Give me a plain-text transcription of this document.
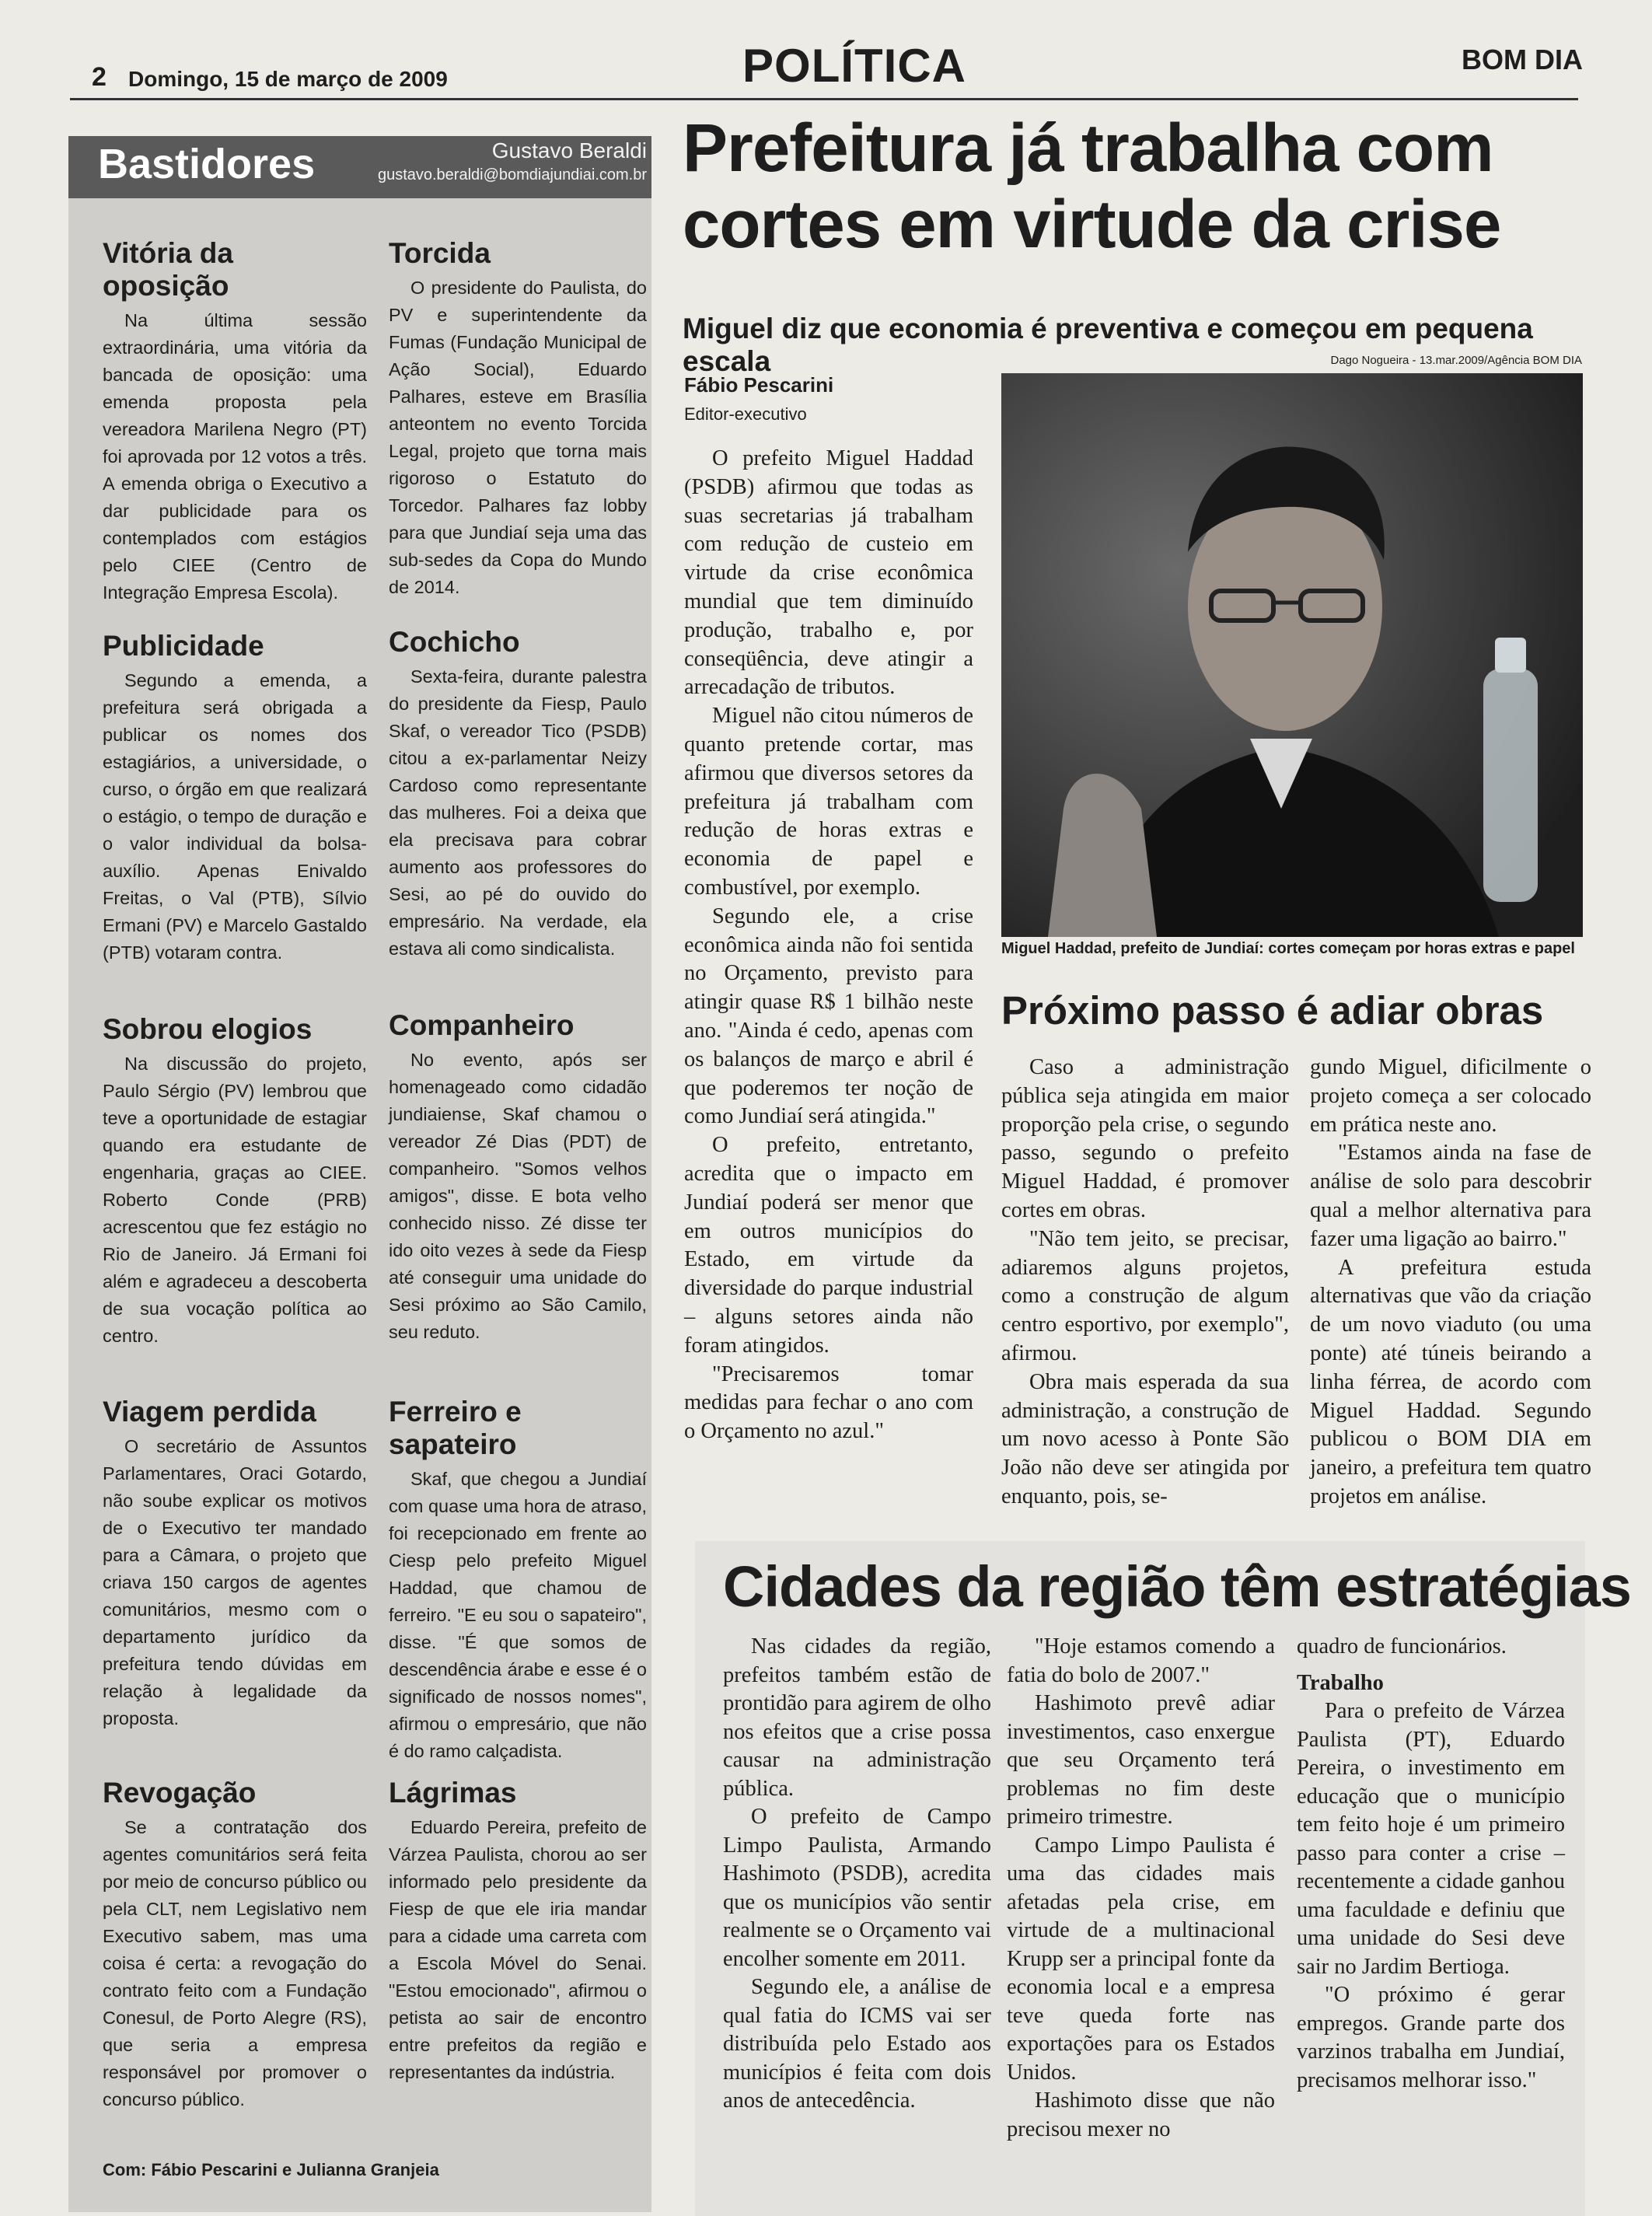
2 Domingo, 15 de março de 2009	POLÍTICA	BOM DIA
Bastidores	Gustavo Beraldi
gustavo.beraldi@bomdiajundiai.com.br
Vitória da oposição

Na última sessão extraordinária, uma vitória da bancada de oposição: uma emenda proposta pela vereadora Marilena Negro (PT) foi aprovada por 12 votos a três. A emenda obriga o Executivo a dar publicidade para os contemplados com estágios pelo CIEE (Centro de Integração Empresa Escola).

Publicidade

Segundo a emenda, a prefeitura será obrigada a publicar os nomes dos estagiários, a universidade, o curso, o órgão em que realizará o estágio, o tempo de duração e o valor individual da bolsa-auxílio. Apenas Enivaldo Freitas, o Val (PTB), Sílvio Ermani (PV) e Marcelo Gastaldo (PTB) votaram contra.

Sobrou elogios

Na discussão do projeto, Paulo Sérgio (PV) lembrou que teve a oportunidade de estagiar quando era estudante de engenharia, graças ao CIEE. Roberto Conde (PRB) acrescentou que fez estágio no Rio de Janeiro. Já Ermani foi além e agradeceu a descoberta de sua vocação política ao centro.

Viagem perdida

O secretário de Assuntos Parlamentares, Oraci Gotardo, não soube explicar os motivos de o Executivo ter mandado para a Câmara, o projeto que criava 150 cargos de agentes comunitários, mesmo com o departamento jurídico da prefeitura tendo dúvidas em relação à legalidade da proposta.

Revogação

Se a contratação dos agentes comunitários será feita por meio de concurso público ou pela CLT, nem Legislativo nem Executivo sabem, mas uma coisa é certa: a revogação do contrato feito com a Fundação Conesul, de Porto Alegre (RS), que seria a empresa responsável por promover o concurso público.

Torcida

O presidente do Paulista, do PV e superintendente da Fumas (Fundação Municipal de Ação Social), Eduardo Palhares, esteve em Brasília anteontem no evento Torcida Legal, projeto que torna mais rigoroso o Estatuto do Torcedor. Palhares faz lobby para que Jundiaí seja uma das sub-sedes da Copa do Mundo de 2014.

Cochicho

Sexta-feira, durante palestra do presidente da Fiesp, Paulo Skaf, o vereador Tico (PSDB) citou a ex-parlamentar Neizy Cardoso como representante das mulheres. Foi a deixa que ela precisava para cobrar aumento aos professores do Sesi, ao pé do ouvido do empresário. Na verdade, ela estava ali como sindicalista.

Companheiro

No evento, após ser homenageado como cidadão jundiaiense, Skaf chamou o vereador Zé Dias (PDT) de companheiro. "Somos velhos amigos", disse. E bota velho conhecido nisso. Zé disse ter ido oito vezes à sede da Fiesp até conseguir uma unidade do Sesi próximo ao São Camilo, seu reduto.

Ferreiro e sapateiro

Skaf, que chegou a Jundiaí com quase uma hora de atraso, foi recepcionado em frente ao Ciesp pelo prefeito Miguel Haddad, que chamou de ferreiro. "E eu sou o sapateiro", disse. "É que somos de descendência árabe e esse é o significado de nossos nomes", afirmou o empresário, que não é do ramo calçadista.

Lágrimas

Eduardo Pereira, prefeito de Várzea Paulista, chorou ao ser informado pelo presidente da Fiesp de que ele iria mandar para a cidade uma carreta com a Escola Móvel do Senai. "Estou emocionado", afirmou o petista ao sair de encontro entre prefeitos da região e representantes da indústria.

Com: Fábio Pescarini e Julianna Granjeia
Prefeitura já trabalha com cortes em virtude da crise
Miguel diz que economia é preventiva e começou em pequena escala
Fábio Pescarini
Editor-executivo
Dago Nogueira - 13.mar.2009/Agência BOM DIA
Miguel Haddad, prefeito de Jundiaí: cortes começam por horas extras e papel

O prefeito Miguel Haddad (PSDB) afirmou que todas as suas secretarias já trabalham com redução de custeio em virtude da crise econômica mundial que tem diminuído produção, trabalho e, por conseqüência, deve atingir a arrecadação de tributos.

Miguel não citou números de quanto pretende cortar, mas afirmou que diversos setores da prefeitura já trabalham com redução de horas extras e economia de papel e combustível, por exemplo.

Segundo ele, a crise econômica ainda não foi sentida no Orçamento, previsto para atingir quase R$ 1 bilhão neste ano. "Ainda é cedo, apenas com os balanços de março e abril é que poderemos ter noção de como Jundiaí será atingida."

O prefeito, entretanto, acredita que o impacto em Jundiaí poderá ser menor que em outros municípios do Estado, em virtude da diversidade do parque industrial – alguns setores ainda não foram atingidos.

"Precisaremos tomar medidas para fechar o ano com o Orçamento no azul."

Próximo passo é adiar obras

Caso a administração pública seja atingida em maior proporção pela crise, o segundo passo, segundo o prefeito Miguel Haddad, é promover cortes em obras.

"Não tem jeito, se precisar, adiaremos alguns projetos, como a construção de algum centro esportivo, por exemplo", afirmou.

Obra mais esperada da sua administração, a construção de um novo acesso à Ponte São João não deve ser atingida por enquanto, pois, se-

gundo Miguel, dificilmente o projeto começa a ser colocado em prática neste ano.

"Estamos ainda na fase de análise de solo para descobrir qual a melhor alternativa para fazer uma ligação ao bairro."

A prefeitura estuda alternativas que vão da criação de um novo viaduto (ou uma ponte) até túneis beirando a linha férrea, de acordo com Miguel Haddad. Segundo publicou o BOM DIA em janeiro, a prefeitura tem quatro projetos em análise.

Cidades da região têm estratégias

Nas cidades da região, prefeitos também estão de prontidão para agirem de olho nos efeitos que a crise possa causar na administração pública.

O prefeito de Campo Limpo Paulista, Armando Hashimoto (PSDB), acredita que os municípios vão sentir realmente se o Orçamento vai encolher somente em 2011.

Segundo ele, a análise de qual fatia do ICMS vai ser distribuída pelo Estado aos municípios é feita com dois anos de antecedência.

"Hoje estamos comendo a fatia do bolo de 2007."

Hashimoto prevê adiar investimentos, caso enxergue que seu Orçamento terá problemas no fim deste primeiro trimestre.

Campo Limpo Paulista é uma das cidades mais afetadas pela crise, em virtude de a multinacional Krupp ser a principal fonte da economia local e a empresa teve queda forte nas exportações para os Estados Unidos.

Hashimoto disse que não precisou mexer no

quadro de funcionários.

Trabalho

Para o prefeito de Várzea Paulista (PT), Eduardo Pereira, o investimento em educação que o município tem feito hoje é um primeiro passo para conter a crise – recentemente a cidade ganhou uma faculdade e definiu que uma unidade do Sesi deve sair no Jardim Bertioga.

"O próximo é gerar empregos. Grande parte dos varzinos trabalha em Jundiaí, precisamos melhorar isso."
